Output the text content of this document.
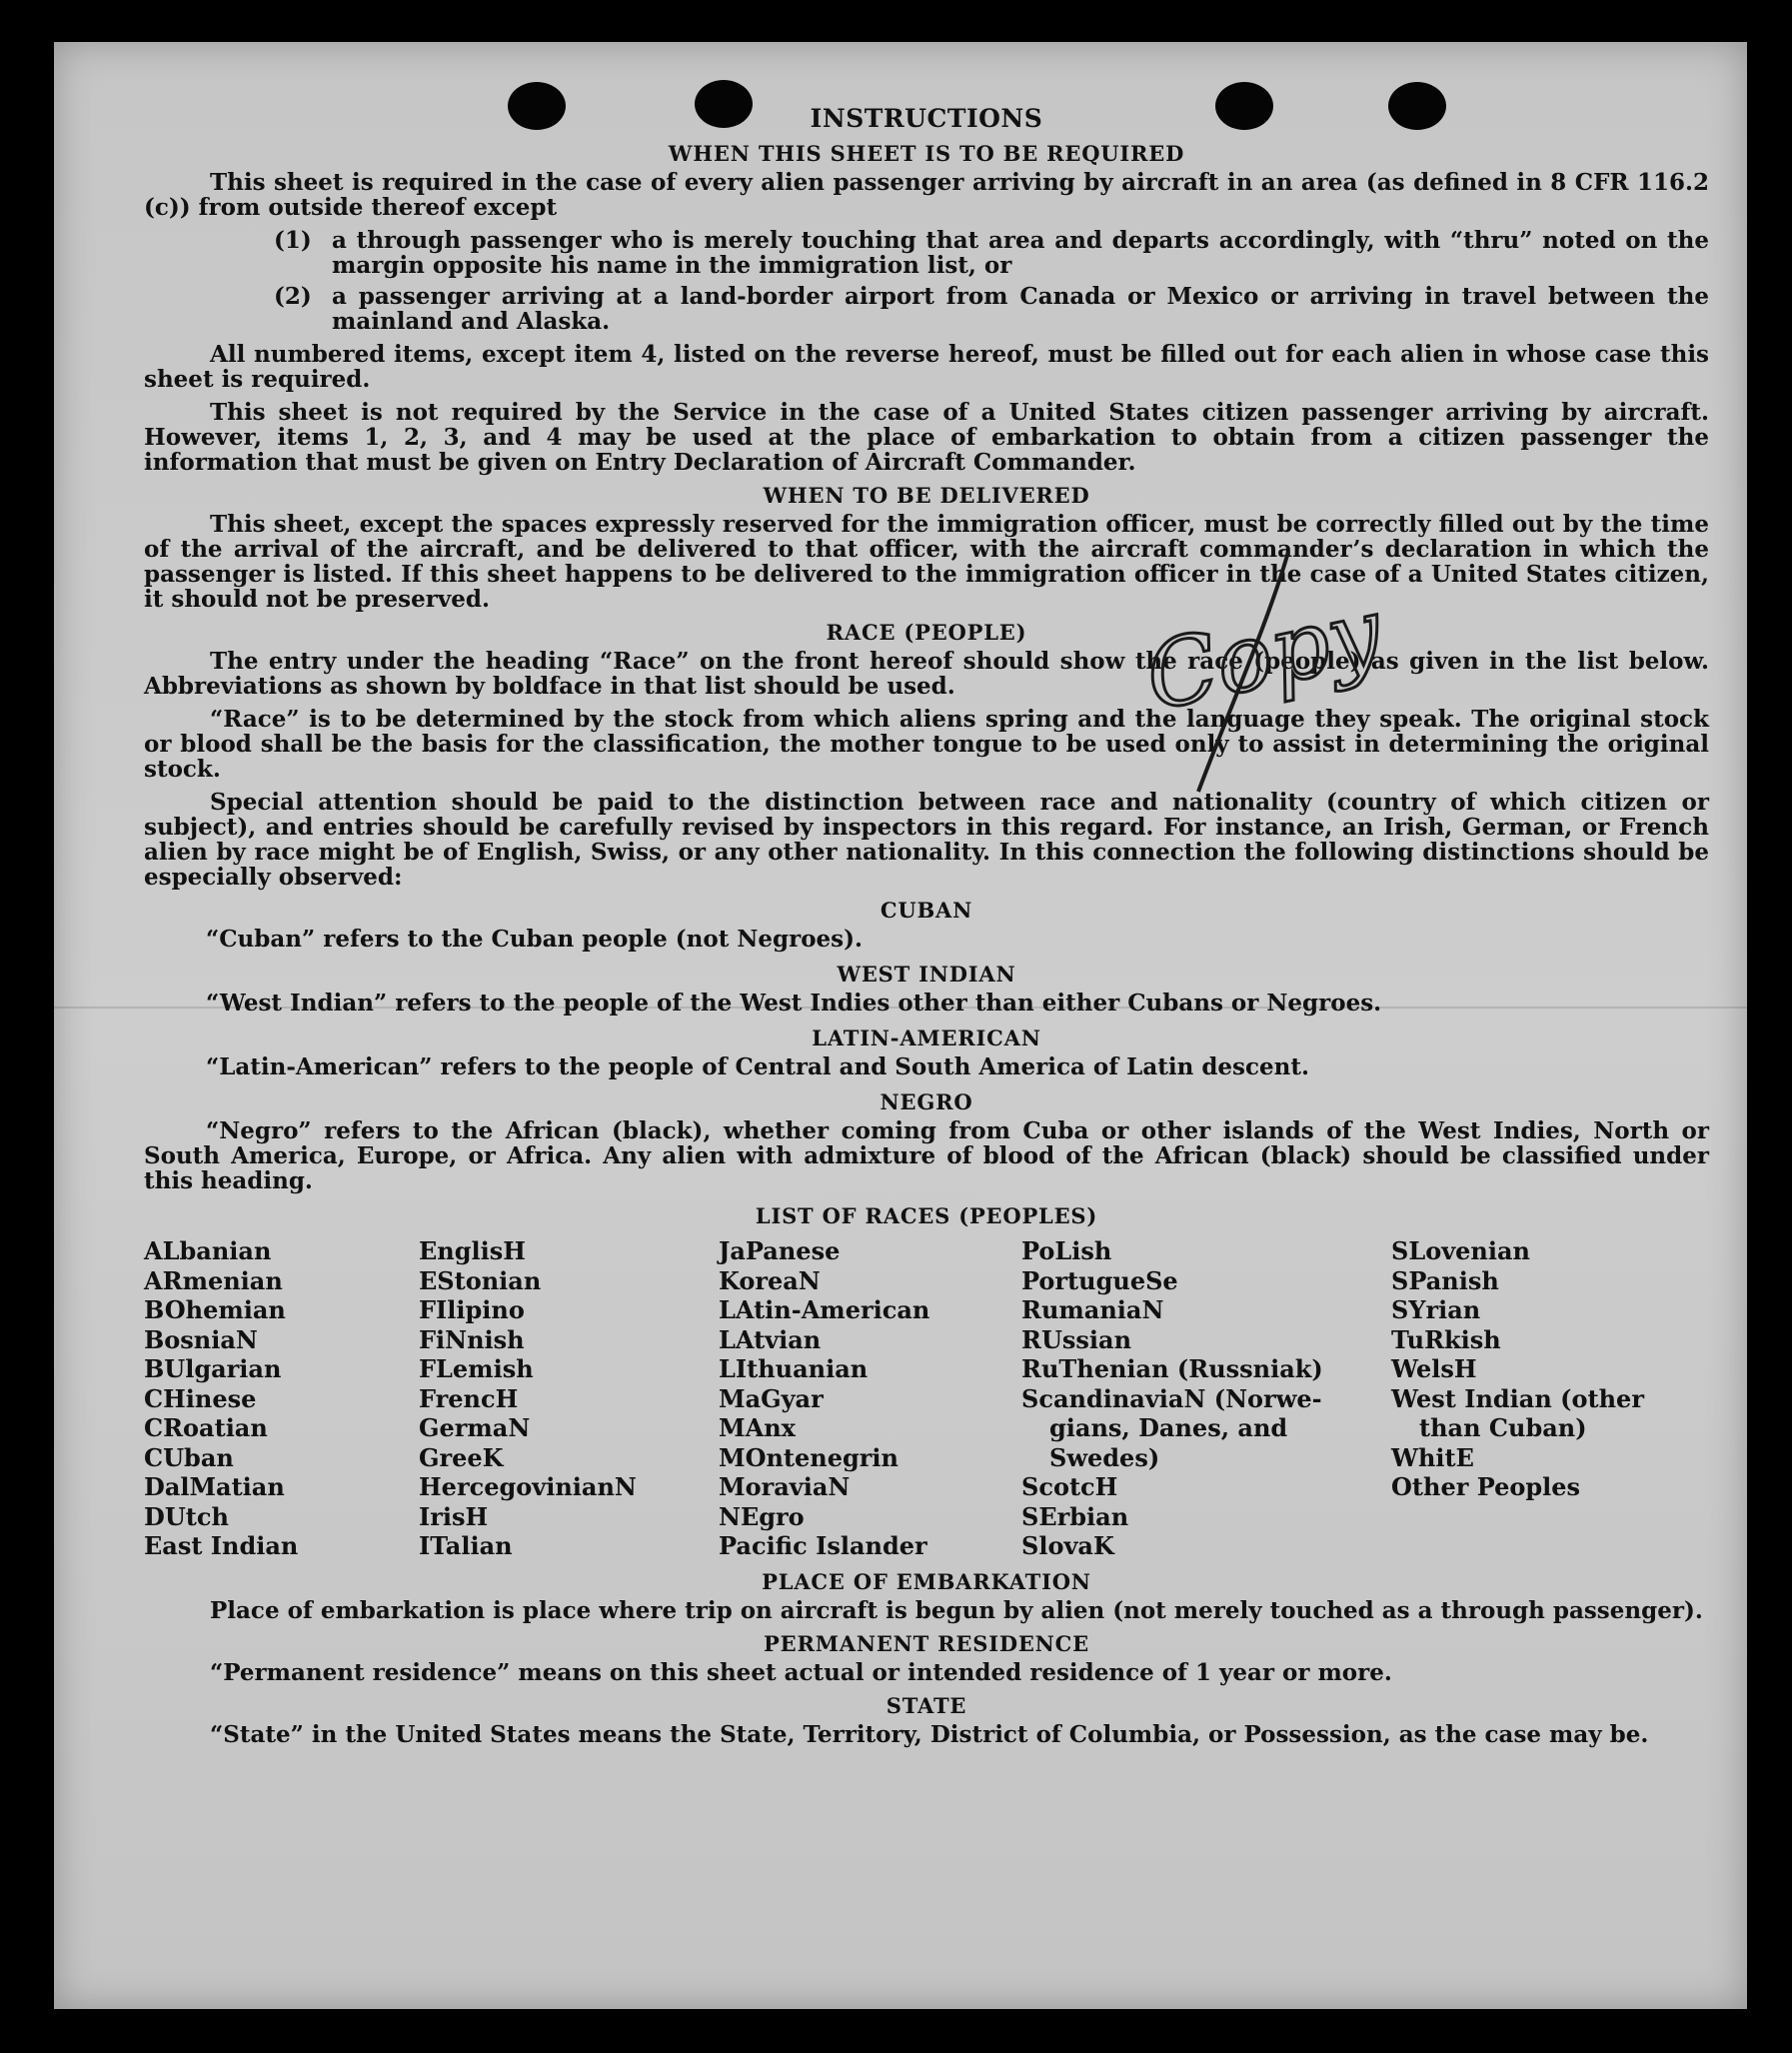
INSTRUCTIONS
WHEN THIS SHEET IS TO BE REQUIRED

This sheet is required in the case of every alien passenger arriving by aircraft in an area (as defined in 8 CFR 116.2 (c)) from outside thereof except

(1) a through passenger who is merely touching that area and departs accordingly, with “thru” noted on the margin opposite his name in the immigration list, or
(2) a passenger arriving at a land-border airport from Canada or Mexico or arriving in travel between the mainland and Alaska.

All numbered items, except item 4, listed on the reverse hereof, must be filled out for each alien in whose case this sheet is required.

This sheet is not required by the Service in the case of a United States citizen passenger arriving by aircraft. However, items 1, 2, 3, and 4 may be used at the place of embarkation to obtain from a citizen passenger the information that must be given on Entry Declaration of Aircraft Commander.

WHEN TO BE DELIVERED

This sheet, except the spaces expressly reserved for the immigration officer, must be correctly filled out by the time of the arrival of the aircraft, and be delivered to that officer, with the aircraft commander’s declaration in which the passenger is listed. If this sheet happens to be delivered to the immigration officer in the case of a United States citizen, it should not be preserved.

RACE (PEOPLE)

The entry under the heading “Race” on the front hereof should show the race (people) as given in the list below. Abbreviations as shown by boldface in that list should be used.

“Race” is to be determined by the stock from which aliens spring and the language they speak. The original stock or blood shall be the basis for the classification, the mother tongue to be used only to assist in determining the original stock.

Special attention should be paid to the distinction between race and nationality (country of which citizen or subject), and entries should be carefully revised by inspectors in this regard. For instance, an Irish, German, or French alien by race might be of English, Swiss, or any other nationality. In this connection the following distinctions should be especially observed:

CUBAN

“Cuban” refers to the Cuban people (not Negroes).

WEST INDIAN

“West Indian” refers to the people of the West Indies other than either Cubans or Negroes.

LATIN-AMERICAN

“Latin-American” refers to the people of Central and South America of Latin descent.

NEGRO

“Negro” refers to the African (black), whether coming from Cuba or other islands of the West Indies, North or South America, Europe, or Africa. Any alien with admixture of blood of the African (black) should be classified under this heading.

LIST OF RACES (PEOPLES)
ALbanian
ARmenian
BOhemian
BosniaN
BUlgarian
CHinese
CRoatian
CUban
DalMatian
DUtch
East Indian
EnglisH
EStonian
FIlipino
FiNnish
FLemish
FrencH
GermaN
GreeK
HercegovinianN
IrisH
ITalian
JaPanese
KoreaN
LAtin-American
LAtvian
LIthuanian
MaGyar
MAnx
MOntenegrin
MoraviaN
NEgro
Pacific Islander
PoLish
PortugueSe
RumaniaN
RUssian
RuThenian (Russniak)
ScandinaviaN (Norwe-
gians, Danes, and
Swedes)
ScotcH
SErbian
SlovaK
SLovenian
SPanish
SYrian
TuRkish
WelsH
West Indian (other
than Cuban)
WhitE
Other Peoples
PLACE OF EMBARKATION

Place of embarkation is place where trip on aircraft is begun by alien (not merely touched as a through passenger).

PERMANENT RESIDENCE

“Permanent residence” means on this sheet actual or intended residence of 1 year or more.

STATE

“State” in the United States means the State, Territory, District of Columbia, or Possession, as the case may be.

Copy
